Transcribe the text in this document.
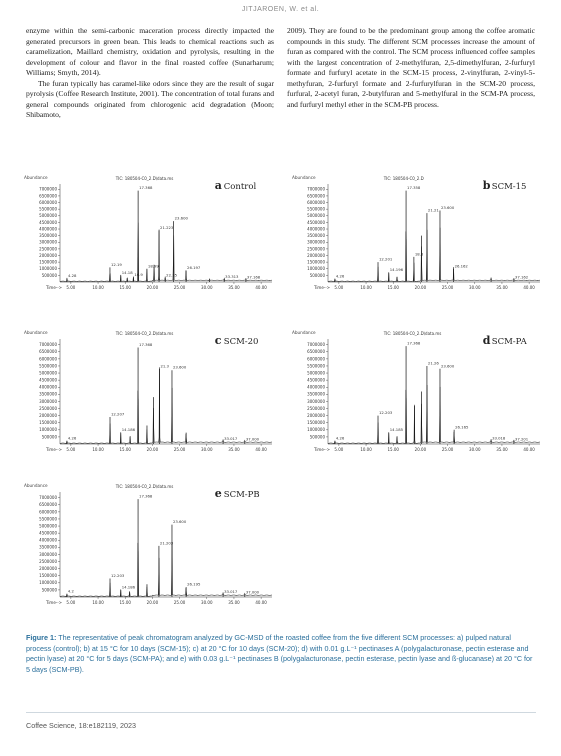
JITJAROEN, W. et al.

enzyme within the semi-carbonic maceration process directly impacted the generated precursors in green bean. This leads to chemical reactions such as caramelization, Maillard chemistry, oxidation and pyrolysis, resulting in the development of colour and flavor in the final roasted coffee (Sunarharum; Williams; Smyth, 2014).

The furan typically has caramel-like odors since they are the result of sugar pyrolysis (Coffee Research Institute, 2001). The concentration of total furans and general compounds originated from chlorogenic acid degradation (Moon; Shibamoto,

2009). They are found to be the predominant group among the coffee aromatic compounds in this study. The different SCM processes increase the amount of furan as compared with the control. The SCM process influenced coffee samples with the largest concentration of 2-methylfuran, 2,5-dimethylfuran, 2-furfuryl formate and furfuryl acetate in the SCM-15 process, 2-vinylfuran, 2-vinyl-5-methyfuran, 2-furfuryl formate and 2-furfurylfuran in the SCM-20 process, furfural, 2-acetyl furan, 2-butylfuran and 5-methylfural in the SCM-PA process, and furfuryl methyl ether in the SCM-PB process.

Abundance
500000
1000000
1500000
2000000
2500000
3000000
3500000
4000000
4500000
5000000
5500000
6000000
6500000
7000000
5.00	10.00	15.00	20.00	25.00	30.00	35.00	40.00
Time-->
4.28
12.19
14.18 16.9
17.368
18.99
21.223
22.35
23.600
26.197
33.313 37.168
TIC: 180504-C0_2.D\data.ms
a Control
Abundance
500000
1000000
1500000
2000000
2500000
3000000
3500000
4000000
4500000
5000000
5500000
6000000
6500000
7000000
5.00	10.00	15.00	20.00	25.00	30.00	35.00	40.00
Time-->
4.26
12.201
14.196
17.358
18.8
21.21
23.600
26.162
37.162
TIC: 180504-C0_2.D
b SCM-15
Abundance
500000
1000000
1500000
2000000
2500000
3000000
3500000
4000000
4500000
5000000
5500000
6000000
6500000
7000000
5.00	10.00	15.00	20.00	25.00	30.00	35.00	40.00
Time-->
4.26
12.207
14.186
17.368
21.3 23.600
33.017 37.000
TIC: 180504-C0_2.D\data.ms
c SCM-20
Abundance
500000
1000000
1500000
2000000
2500000
3000000
3500000
4000000
4500000
5000000
5500000
6000000
6500000
7000000
5.00	10.00	15.00	20.00	25.00	30.00	35.00	40.00
Time-->
4.26
12.203
14.185
17.368
21.26
23.600
26.165
33.018	37.201
TIC: 180504-C0_2.D\data.ms
d SCM-PA
Abundance
500000
1000000
1500000
2000000
2500000
3000000
3500000
4000000
4500000
5000000
5500000
6000000
6500000
7000000
5.00	10.00	15.00	20.00	25.00	30.00	35.00	40.00
Time-->
4.2
12.203
14.186
17.368
21.203
23.600
26.195
33.017 37.000
TIC: 180504-C0_2.D\data.ms
e SCM-PB
Figure 1: The representative of peak chromatogram analyzed by GC-MSD of the roasted coffee from the five different SCM processes: a) pulped natural process (control); b) at 15 °C for 10 days (SCM-15); c) at 20 °C for 10 days (SCM-20); d) with 0.01 g.L⁻¹ pectinases A (polygalacturonase, pectin esterase and pectin lyase) at 20 °C for 5 days (SCM-PA); and e) with 0.03 g.L⁻¹ pectinases B (polygalacturonase, pectin esterase, pectin lyase and ß-glucanase) at 20 °C for 5 days (SCM-PB).
Coffee Science, 18:e182119, 2023
